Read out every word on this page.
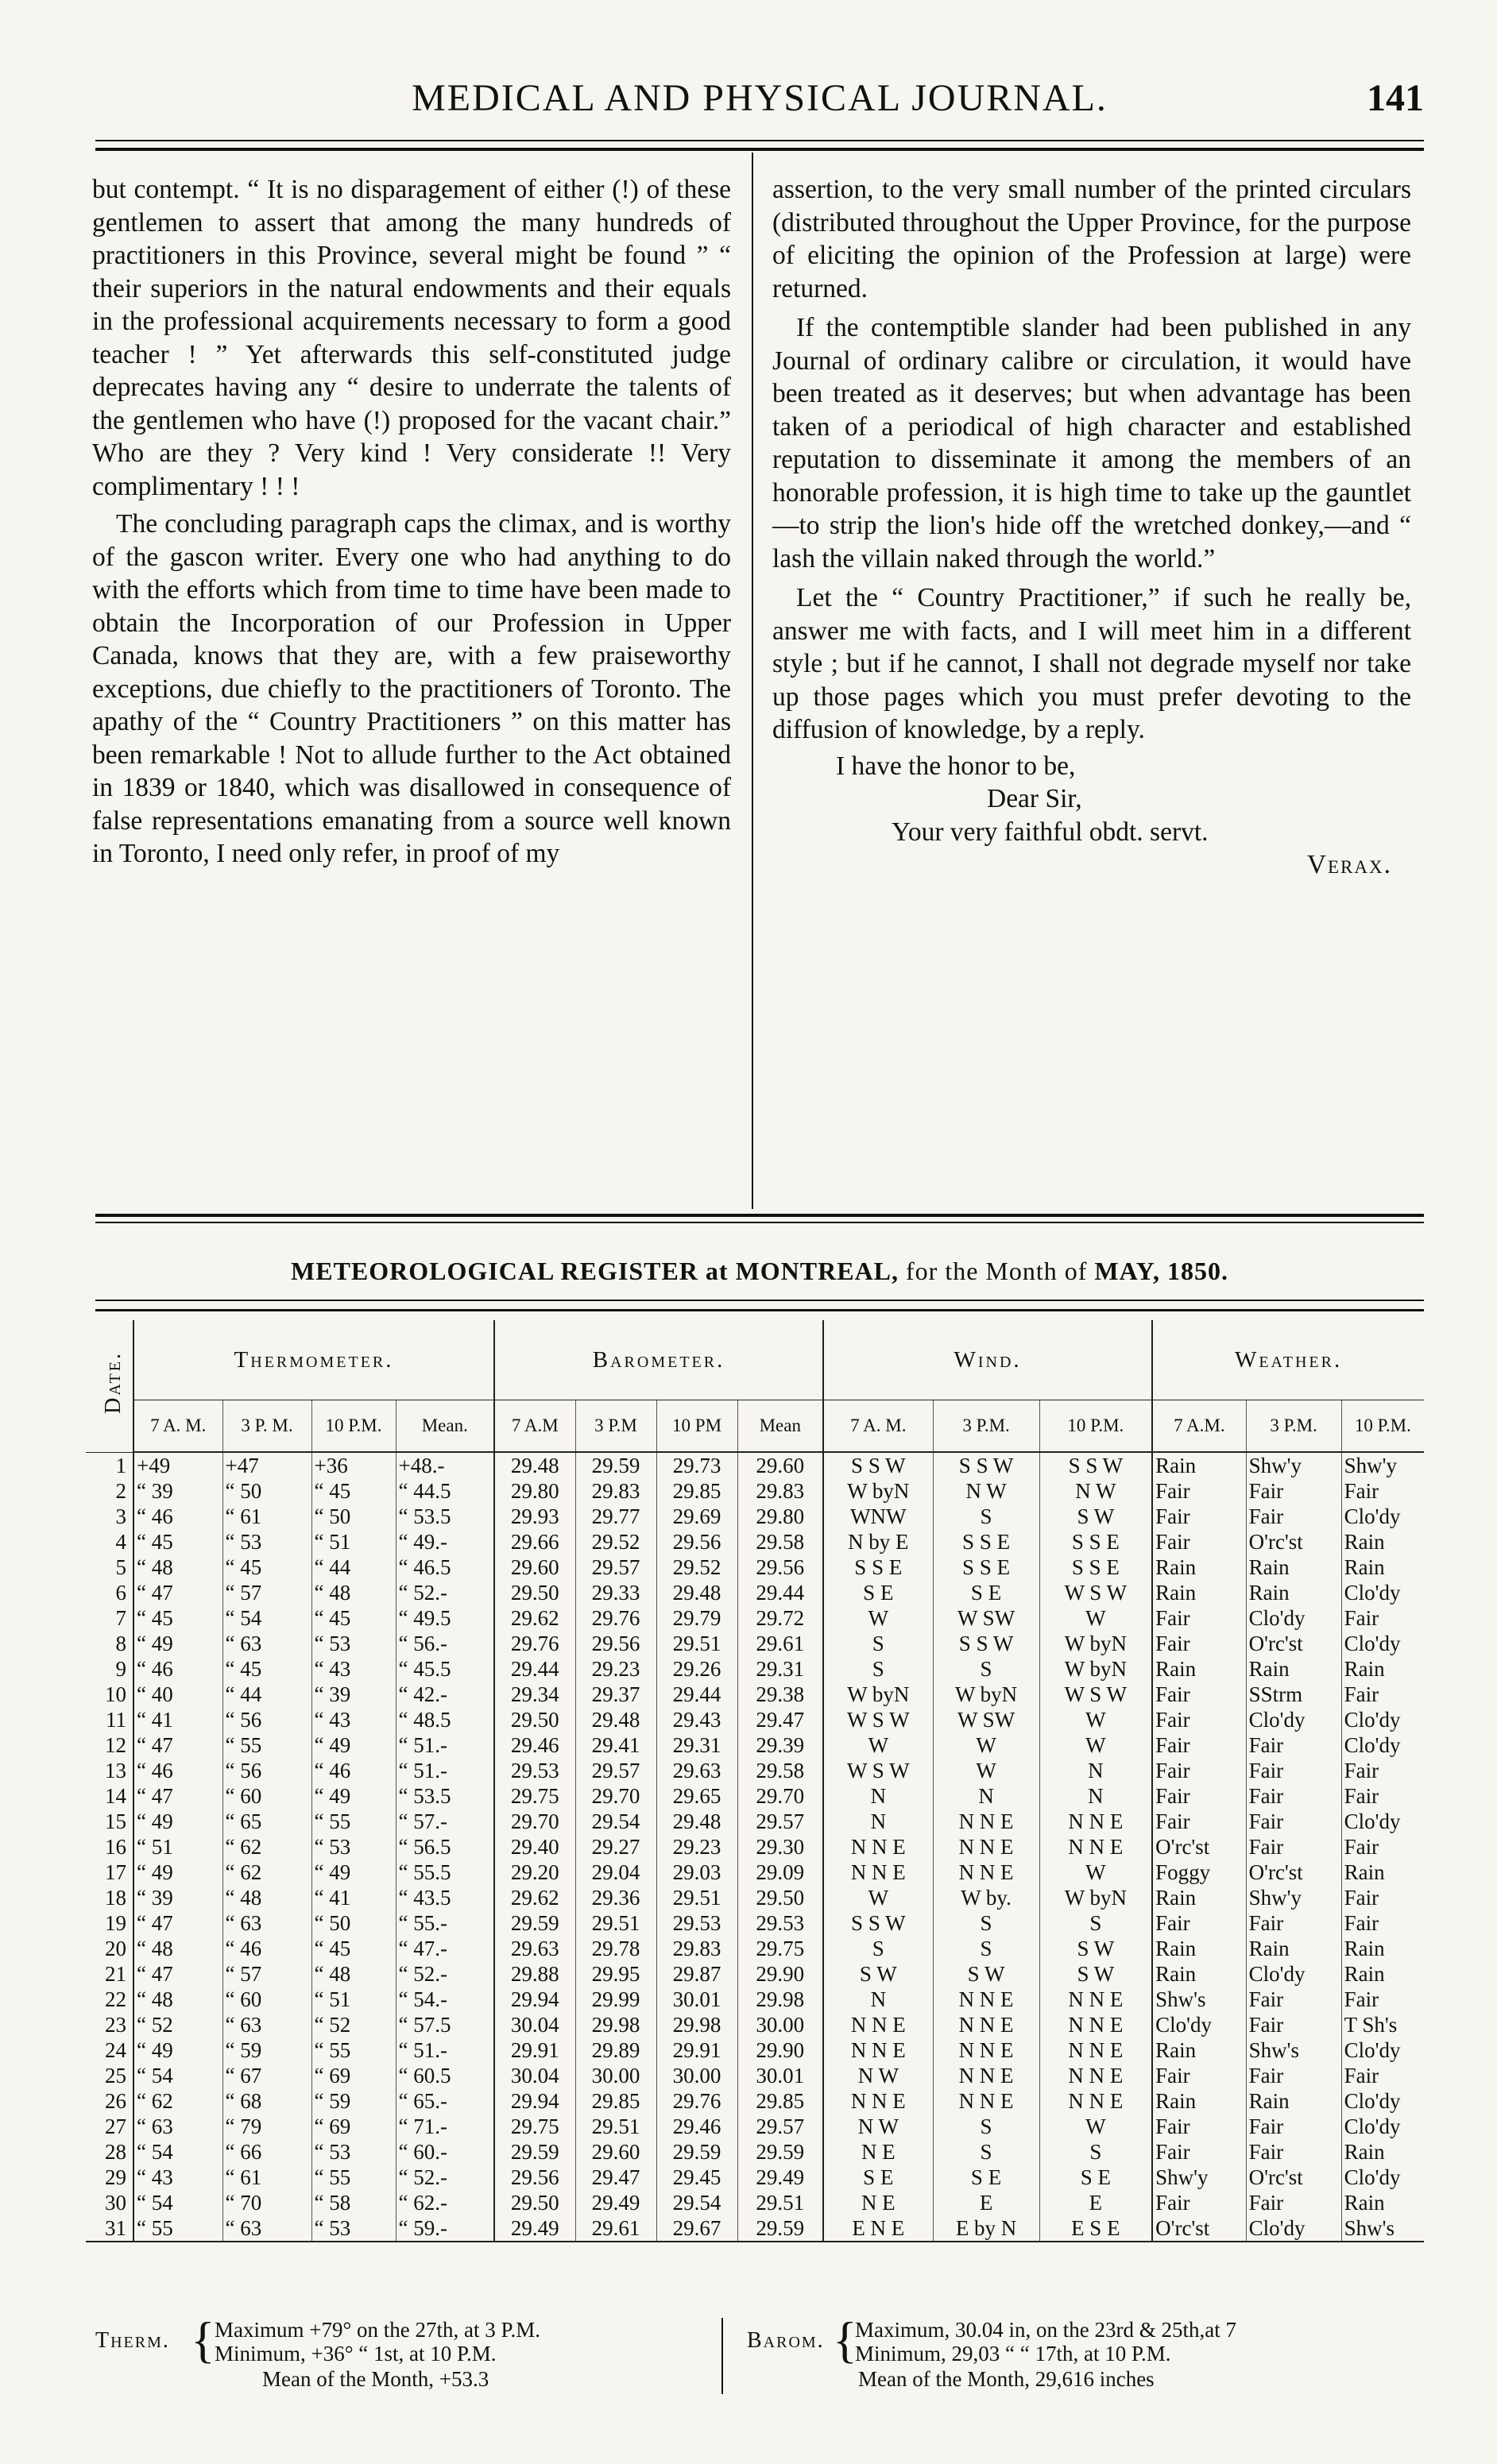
MEDICAL AND PHYSICAL JOURNAL.	141

but contempt. “ It is no disparagement of either (!) of these gentlemen to assert that among the many hundreds of practitioners in this Province, several might be found ” “ their superiors in the natural endowments and their equals in the professional acquirements necessary to form a good teacher ! ” Yet afterwards this self-constituted judge deprecates having any “ desire to underrate the talents of the gentlemen who have (!) proposed for the vacant chair.” Who are they ? Very kind ! Very considerate !! Very complimentary ! ! !

The concluding paragraph caps the climax, and is worthy of the gascon writer. Every one who had anything to do with the efforts which from time to time have been made to obtain the Incorporation of our Profession in Upper Canada, knows that they are, with a few praiseworthy exceptions, due chiefly to the practitioners of Toronto. The apathy of the “ Country Practitioners ” on this matter has been remarkable ! Not to allude further to the Act obtained in 1839 or 1840, which was disallowed in consequence of false representations emanating from a source well known in Toronto, I need only refer, in proof of my

assertion, to the very small number of the printed circulars (distributed throughout the Upper Province, for the purpose of eliciting the opinion of the Profession at large) were returned.

If the contemptible slander had been published in any Journal of ordinary calibre or circulation, it would have been treated as it deserves; but when advantage has been taken of a periodical of high character and established reputation to disseminate it among the members of an honorable profession, it is high time to take up the gauntlet —to strip the lion's hide off the wretched donkey,—and “ lash the villain naked through the world.”

Let the “ Country Practitioner,” if such he really be, answer me with facts, and I will meet him in a different style ; but if he cannot, I shall not degrade myself nor take up those pages which you must prefer devoting to the diffusion of knowledge, by a reply.

I have the honor to be,
Dear Sir,
Your very faithful obdt. servt.
Verax.
METEOROLOGICAL REGISTER at MONTREAL, for the Month of MAY, 1850.
Date.	Thermometer.				Barometer.				Wind.			Weather.		
	7 A. M.	3 P. M.	10 P.M.	Mean.	7 A.M	3 P.M	10 PM	Mean	7 A. M.	3 P.M.	10 P.M.	7 A.M.	3 P.M.	10 P.M.
1	+49	+47	+36	+48.-	29.48	29.59	29.73	29.60	S S W	S S W	S S W	Rain	Shw'y	Shw'y
2	“ 39	“ 50	“ 45	“ 44.5	29.80	29.83	29.85	29.83	W byN	N W	N W	Fair	Fair	Fair
3	“ 46	“ 61	“ 50	“ 53.5	29.93	29.77	29.69	29.80	WNW	S	S W	Fair	Fair	Clo'dy
4	“ 45	“ 53	“ 51	“ 49.-	29.66	29.52	29.56	29.58	N by E	S S E	S S E	Fair	O'rc'st	Rain
5	“ 48	“ 45	“ 44	“ 46.5	29.60	29.57	29.52	29.56	S S E	S S E	S S E	Rain	Rain	Rain
6	“ 47	“ 57	“ 48	“ 52.-	29.50	29.33	29.48	29.44	S E	S E	W S W	Rain	Rain	Clo'dy
7	“ 45	“ 54	“ 45	“ 49.5	29.62	29.76	29.79	29.72	W	W SW	W	Fair	Clo'dy	Fair
8	“ 49	“ 63	“ 53	“ 56.-	29.76	29.56	29.51	29.61	S	S S W	W byN	Fair	O'rc'st	Clo'dy
9	“ 46	“ 45	“ 43	“ 45.5	29.44	29.23	29.26	29.31	S	S	W byN	Rain	Rain	Rain
10	“ 40	“ 44	“ 39	“ 42.-	29.34	29.37	29.44	29.38	W byN	W byN	W S W	Fair	SStrm	Fair
11	“ 41	“ 56	“ 43	“ 48.5	29.50	29.48	29.43	29.47	W S W	W SW	W	Fair	Clo'dy	Clo'dy
12	“ 47	“ 55	“ 49	“ 51.-	29.46	29.41	29.31	29.39	W	W	W	Fair	Fair	Clo'dy
13	“ 46	“ 56	“ 46	“ 51.-	29.53	29.57	29.63	29.58	W S W	W	N	Fair	Fair	Fair
14	“ 47	“ 60	“ 49	“ 53.5	29.75	29.70	29.65	29.70	N	N	N	Fair	Fair	Fair
15	“ 49	“ 65	“ 55	“ 57.-	29.70	29.54	29.48	29.57	N	N N E	N N E	Fair	Fair	Clo'dy
16	“ 51	“ 62	“ 53	“ 56.5	29.40	29.27	29.23	29.30	N N E	N N E	N N E	O'rc'st	Fair	Fair
17	“ 49	“ 62	“ 49	“ 55.5	29.20	29.04	29.03	29.09	N N E	N N E	W	Foggy	O'rc'st	Rain
18	“ 39	“ 48	“ 41	“ 43.5	29.62	29.36	29.51	29.50	W	W by.	W byN	Rain	Shw'y	Fair
19	“ 47	“ 63	“ 50	“ 55.-	29.59	29.51	29.53	29.53	S S W	S	S	Fair	Fair	Fair
20	“ 48	“ 46	“ 45	“ 47.-	29.63	29.78	29.83	29.75	S	S	S W	Rain	Rain	Rain
21	“ 47	“ 57	“ 48	“ 52.-	29.88	29.95	29.87	29.90	S W	S W	S W	Rain	Clo'dy	Rain
22	“ 48	“ 60	“ 51	“ 54.-	29.94	29.99	30.01	29.98	N	N N E	N N E	Shw's	Fair	Fair
23	“ 52	“ 63	“ 52	“ 57.5	30.04	29.98	29.98	30.00	N N E	N N E	N N E	Clo'dy	Fair	T Sh's
24	“ 49	“ 59	“ 55	“ 51.-	29.91	29.89	29.91	29.90	N N E	N N E	N N E	Rain	Shw's	Clo'dy
25	“ 54	“ 67	“ 69	“ 60.5	30.04	30.00	30.00	30.01	N W	N N E	N N E	Fair	Fair	Fair
26	“ 62	“ 68	“ 59	“ 65.-	29.94	29.85	29.76	29.85	N N E	N N E	N N E	Rain	Rain	Clo'dy
27	“ 63	“ 79	“ 69	“ 71.-	29.75	29.51	29.46	29.57	N W	S	W	Fair	Fair	Clo'dy
28	“ 54	“ 66	“ 53	“ 60.-	29.59	29.60	29.59	29.59	N E	S	S	Fair	Fair	Rain
29	“ 43	“ 61	“ 55	“ 52.-	29.56	29.47	29.45	29.49	S E	S E	S E	Shw'y	O'rc'st	Clo'dy
30	“ 54	“ 70	“ 58	“ 62.-	29.50	29.49	29.54	29.51	N E	E	E	Fair	Fair	Rain
31	“ 55	“ 63	“ 53	“ 59.-	29.49	29.61	29.67	29.59	E N E	E by N	E S E	O'rc'st	Clo'dy	Shw's
Therm. { Maximum +79° on the 27th, at 3 P.M.
Minimum, +36° “ 1st, at 10 P.M.
Mean of the Month, +53.3
Barom. {
Maximum, 30.04 in, on the 23rd & 25th,at 7
Minimum, 29,03 “ “ 17th, at 10 P.M.
Mean of the Month, 29,616 inches
